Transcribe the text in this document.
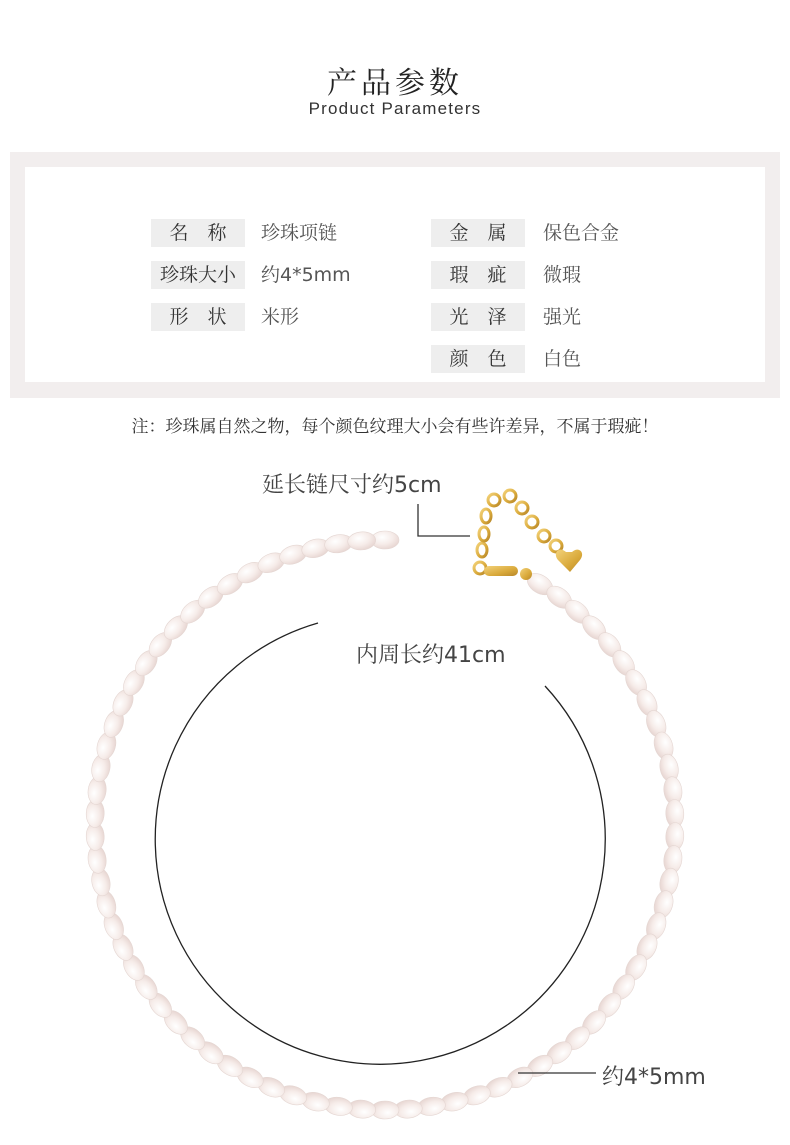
产品参数
Product Parameters
名　称	珍珠项链
珍珠大小	约4*5mm
形　状	米形
金　属	保色合金
瑕　疵	微瑕
光　泽	强光
颜　色	白色
注：珍珠属自然之物，每个颜色纹理大小会有些许差异，不属于瑕疵！
延长链尺寸约5cm
内周长约41cm
约4*5mm
